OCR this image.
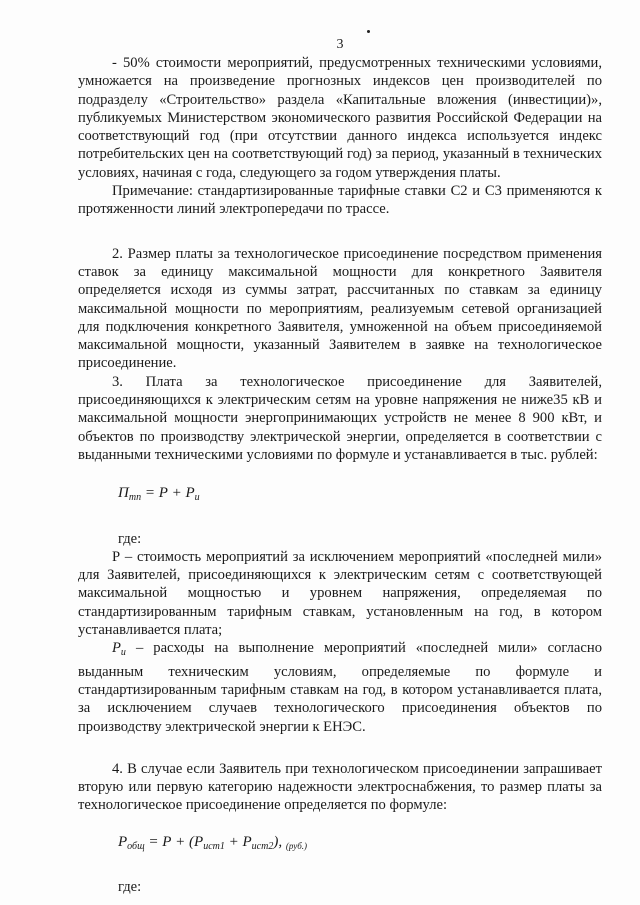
3

- 50% стоимости мероприятий, предусмотренных техническими условиями, умножается на произведение прогнозных индексов цен производителей по подразделу «Строительство» раздела «Капитальные вложения (инвестиции)», публикуемых Министерством экономического развития Российской Федерации на соответствующий год (при отсутствии данного индекса используется индекс потребительских цен на соответствующий год) за период, указанный в технических условиях, начиная с года, следующего за годом утверждения платы.

Примечание: стандартизированные тарифные ставки С2 и С3 применяются к протяженности линий электропередачи по трассе.

2. Размер платы за технологическое присоединение посредством применения ставок за единицу максимальной мощности для конкретного Заявителя определяется исходя из суммы затрат, рассчитанных по ставкам за единицу максимальной мощности по мероприятиям, реализуемым сетевой организацией для подключения конкретного Заявителя, умноженной на объем присоединяемой максимальной мощности, указанный Заявителем в заявке на технологическое присоединение.

3. Плата за технологическое присоединение для Заявителей, присоединяющихся к электрическим сетям на уровне напряжения не ниже35 кВ и максимальной мощности энергопринимающих устройств не менее 8 900 кВт, и объектов по производству электрической энергии, определяется в соответствии с выданными техническими условиями по формуле и устанавливается в тыс. рублей:

$П_{тп} = Р + Р_и$

где:

Р – стоимость мероприятий за исключением мероприятий «последней мили» для Заявителей, присоединяющихся к электрическим сетям с соответствующей максимальной мощностью и уровнем напряжения, определяемая по стандартизированным тарифным ставкам, установленным на год, в котором устанавливается плата;

$Р_и$ – расходы на выполнение мероприятий «последней мили» согласно выданным техническим условиям, определяемые по формуле и стандартизированным тарифным ставкам на год, в котором устанавливается плата, за исключением случаев технологического присоединения объектов по производству электрической энергии к ЕНЭС.

4. В случае если Заявитель при технологическом присоединении запрашивает вторую или первую категорию надежности электроснабжения, то размер платы за технологическое присоединение определяется по формуле:

$Р_{общ} = Р + (Р_{ист1} + Р_{ист2})$, $_{(руб.)}$

где:
